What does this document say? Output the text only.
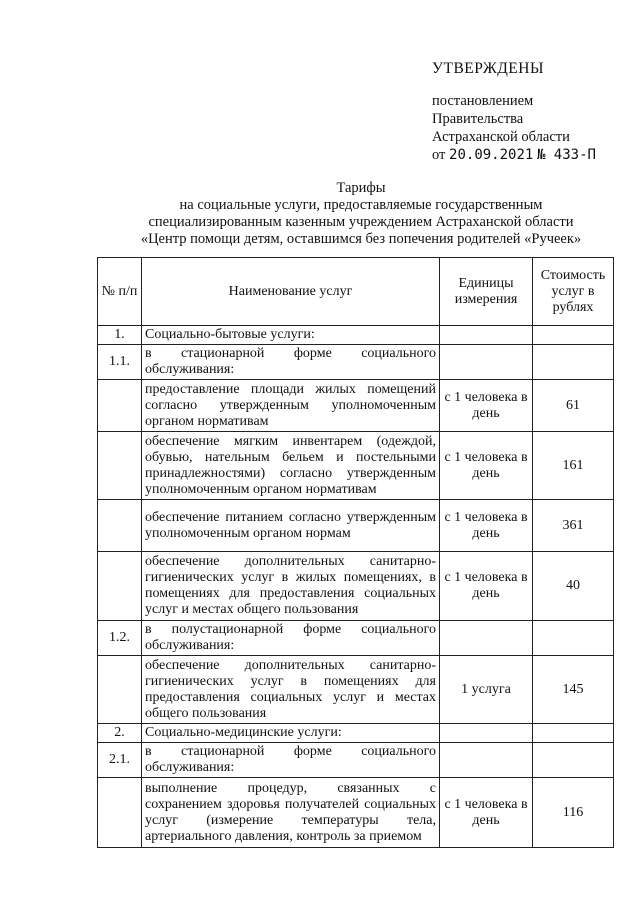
УТВЕРЖДЕНЫ
постановлением
Правительства
Астраханской области
от 20.09.2021 № 433-П
Тарифы
на социальные услуги, предоставляемые государственным
специализированным казенным учреждением Астраханской области
«Центр помощи детям, оставшимся без попечения родителей «Ручеек»
№ п/п	Наименование услуг	Единицы измерения	Стоимость услуг в рублях
1.	Социально-бытовые услуги:		
1.1.	в стационарной форме социального обслуживания:		
	предоставление площади жилых помещений согласно утвержденным уполномоченным органом нормативам	с 1 человека в день	61
	обеспечение мягким инвентарем (одеждой, обувью, нательным бельем и постельными принадлежностями) согласно утвержденным уполномоченным органом нормативам	с 1 человека в день	161
	обеспечение питанием согласно утвержденным уполномоченным органом нормам	с 1 человека в день	361
	обеспечение дополнительных санитарно-гигиенических услуг в жилых помещениях, в помещениях для предоставления социальных услуг и местах общего пользования	с 1 человека в день	40
1.2.	в полустационарной форме социального обслуживания:		
	обеспечение дополнительных санитарно-гигиенических услуг в помещениях для предоставления социальных услуг и местах общего пользования	1 услуга	145
2.	Социально-медицинские услуги:		
2.1.	в стационарной форме социального обслуживания:		
	выполнение процедур, связанных с сохранением здоровья получателей социальных услуг (измерение температуры тела, артериального давления, контроль за приемом	с 1 человека в день	116
